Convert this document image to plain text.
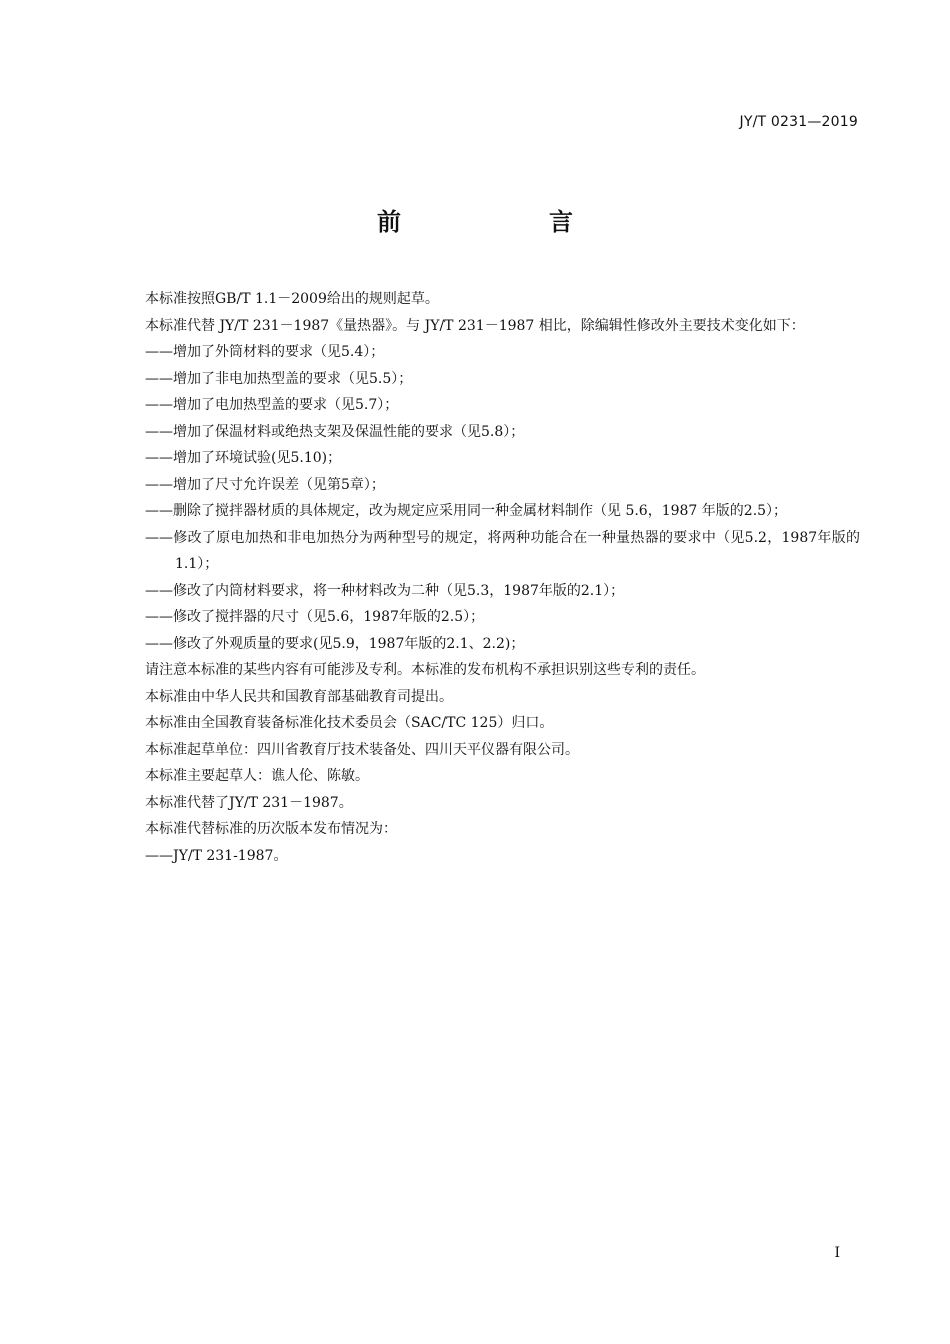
JY/T 0231—2019
前　言

本标准按照GB/T 1.1－2009给出的规则起草。

本标准代替 JY/T 231－1987《量热器》。与 JY/T 231－1987 相比，除编辑性修改外主要技术变化如下：

——增加了外筒材料的要求（见5.4）；

——增加了非电加热型盖的要求（见5.5）；

——增加了电加热型盖的要求（见5.7）；

——增加了保温材料或绝热支架及保温性能的要求（见5.8）；

——增加了环境试验(见5.10)；

——增加了尺寸允许误差（见第5章）；

——删除了搅拌器材质的具体规定，改为规定应采用同一种金属材料制作（见 5.6，1987 年版的2.5）；

——修改了原电加热和非电加热分为两种型号的规定，将两种功能合在一种量热器的要求中（见5.2，1987年版的1.1）；

——修改了内筒材料要求，将一种材料改为二种（见5.3，1987年版的2.1）；

——修改了搅拌器的尺寸（见5.6，1987年版的2.5）；

——修改了外观质量的要求(见5.9，1987年版的2.1、2.2)；

请注意本标准的某些内容有可能涉及专利。本标准的发布机构不承担识别这些专利的责任。

本标准由中华人民共和国教育部基础教育司提出。

本标准由全国教育装备标准化技术委员会（SAC/TC 125）归口。

本标准起草单位：四川省教育厅技术装备处、四川天平仪器有限公司。

本标准主要起草人：谯人伦、陈敏。

本标准代替了JY/T 231－1987。

本标准代替标准的历次版本发布情况为：

——JY/T 231-1987。

I
